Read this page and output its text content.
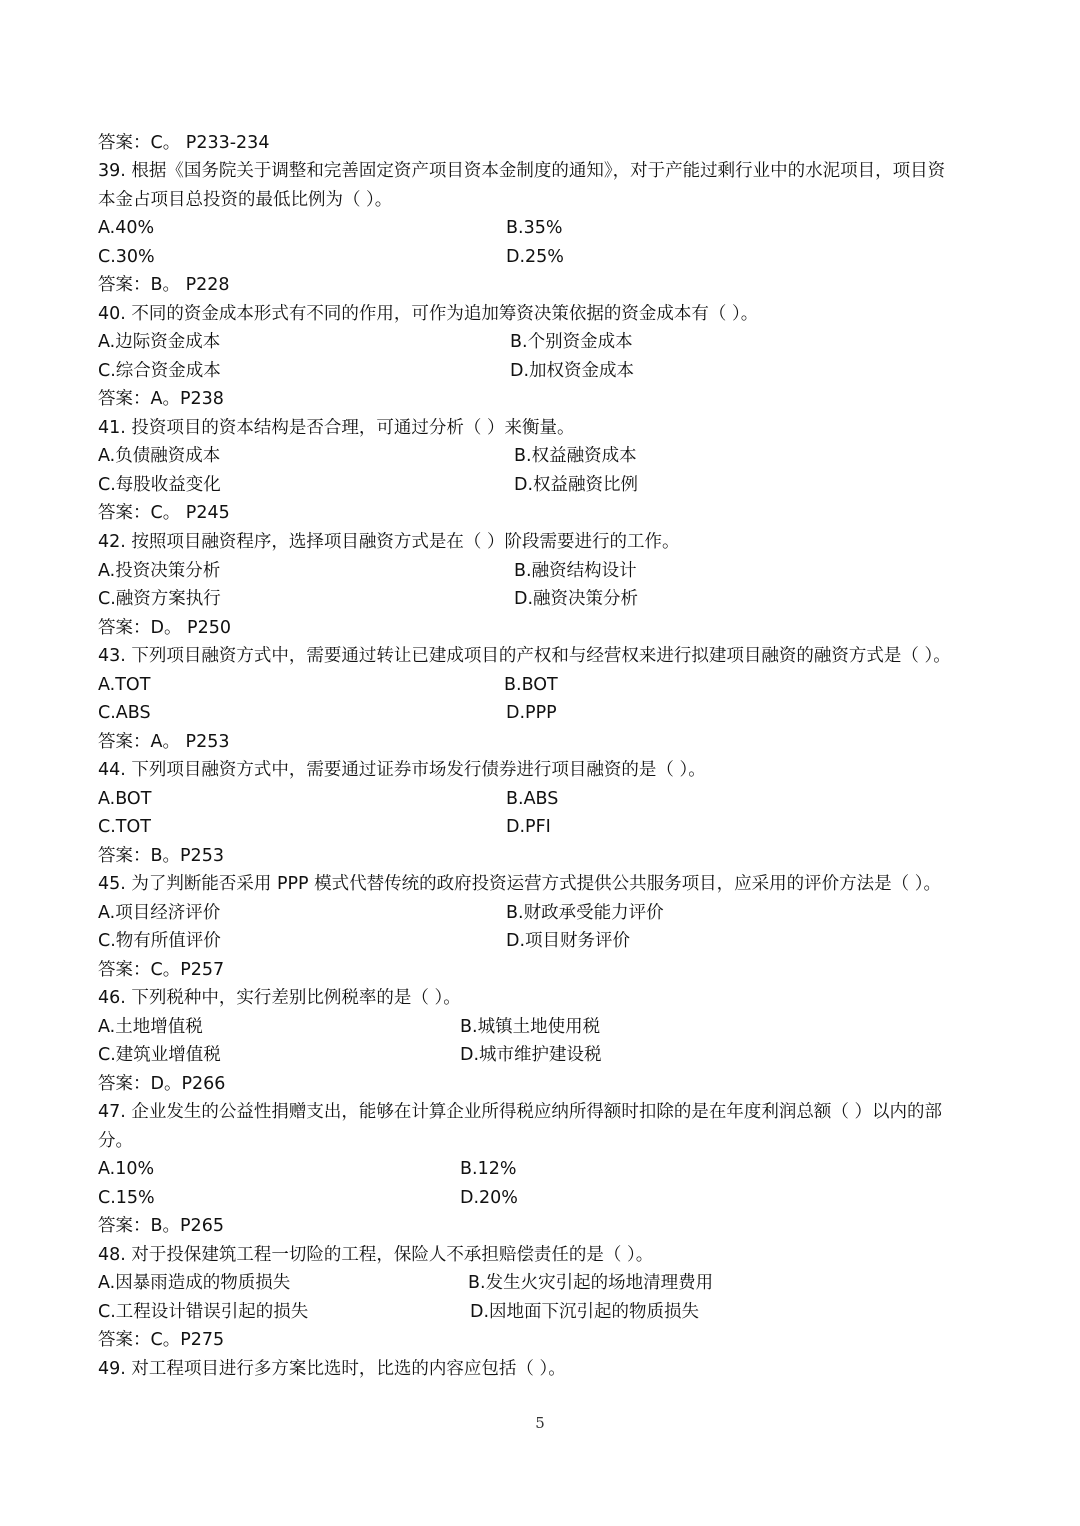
答案：C。 P233-234
39. 根据《国务院关于调整和完善固定资产项目资本金制度的通知》，对于产能过剩行业中的水泥项目，项目资
本金占项目总投资的最低比例为（ ）。
A.40%	B.35%
C.30%	D.25%
答案：B。 P228
40. 不同的资金成本形式有不同的作用，可作为追加筹资决策依据的资金成本有（ ）。
A.边际资金成本	B.个别资金成本
C.综合资金成本	D.加权资金成本
答案：A。P238
41. 投资项目的资本结构是否合理，可通过分析（ ）来衡量。
A.负债融资成本	B.权益融资成本
C.每股收益变化	D.权益融资比例
答案：C。 P245
42. 按照项目融资程序，选择项目融资方式是在（ ）阶段需要进行的工作。
A.投资决策分析	B.融资结构设计
C.融资方案执行	D.融资决策分析
答案：D。 P250
43. 下列项目融资方式中，需要通过转让已建成项目的产权和与经营权来进行拟建项目融资的融资方式是（ ）。
A.TOT	B.BOT
C.ABS	D.PPP
答案：A。 P253
44. 下列项目融资方式中，需要通过证券市场发行债券进行项目融资的是（ ）。
A.BOT	B.ABS
C.TOT	D.PFI
答案：B。P253
45. 为了判断能否采用 PPP 模式代替传统的政府投资运营方式提供公共服务项目，应采用的评价方法是（ ）。
A.项目经济评价	B.财政承受能力评价
C.物有所值评价	D.项目财务评价
答案：C。P257
46. 下列税种中，实行差别比例税率的是（ ）。
A.土地增值税	B.城镇土地使用税
C.建筑业增值税	D.城市维护建设税
答案：D。P266
47. 企业发生的公益性捐赠支出，能够在计算企业所得税应纳所得额时扣除的是在年度利润总额（ ）以内的部
分。
A.10%	B.12%
C.15%	D.20%
答案：B。P265
48. 对于投保建筑工程一切险的工程，保险人不承担赔偿责任的是（ ）。
A.因暴雨造成的物质损失	B.发生火灾引起的场地清理费用
C.工程设计错误引起的损失	D.因地面下沉引起的物质损失
答案：C。P275
49. 对工程项目进行多方案比选时，比选的内容应包括（ ）。
5
